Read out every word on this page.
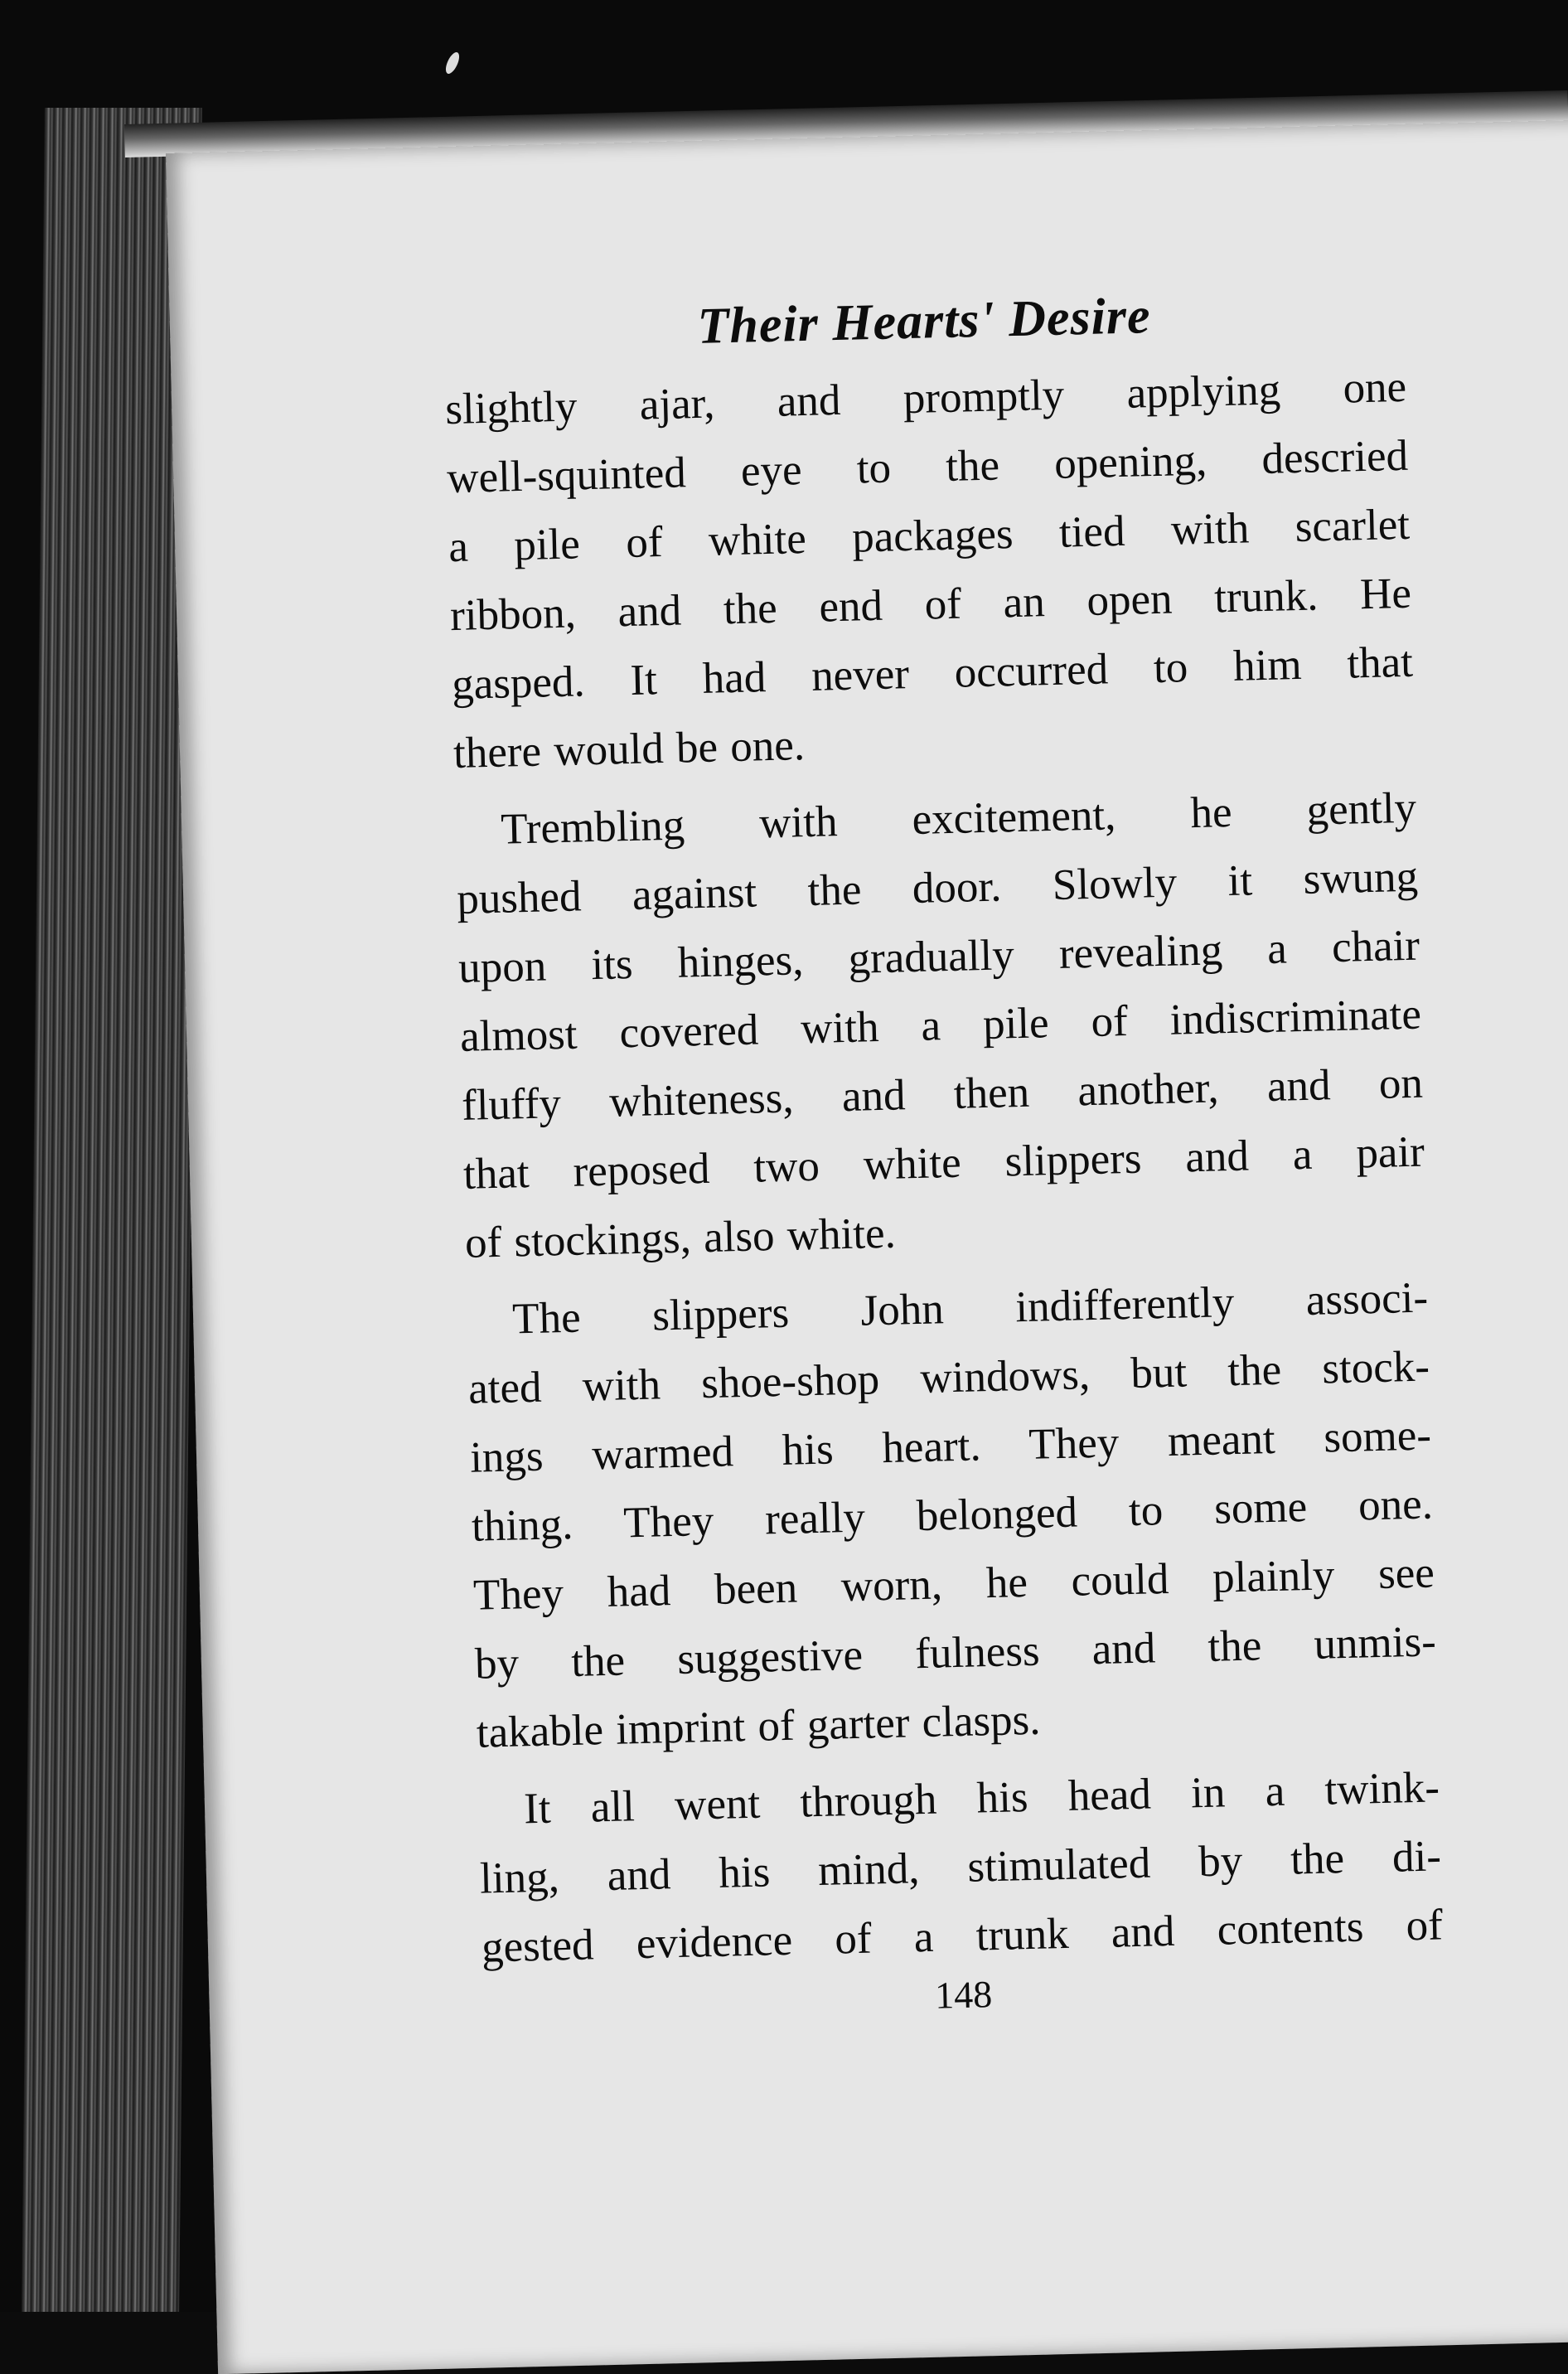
Their Hearts' Desire
slightly ajar, and promptly applying one
well-squinted eye to the opening, descried
a pile of white packages tied with scarlet
ribbon, and the end of an open trunk. He
gasped. It had never occurred to him that
there would be one.
Trembling with excitement, he gently
pushed against the door. Slowly it swung
upon its hinges, gradually revealing a chair
almost covered with a pile of indiscriminate
fluffy whiteness, and then another, and on
that reposed two white slippers and a pair
of stockings, also white.
The slippers John indifferently associ-
ated with shoe-shop windows, but the stock-
ings warmed his heart. They meant some-
thing. They really belonged to some one.
They had been worn, he could plainly see
by the suggestive fulness and the unmis-
takable imprint of garter clasps.
It all went through his head in a twink-
ling, and his mind, stimulated by the di-
gested evidence of a trunk and contents of
148
